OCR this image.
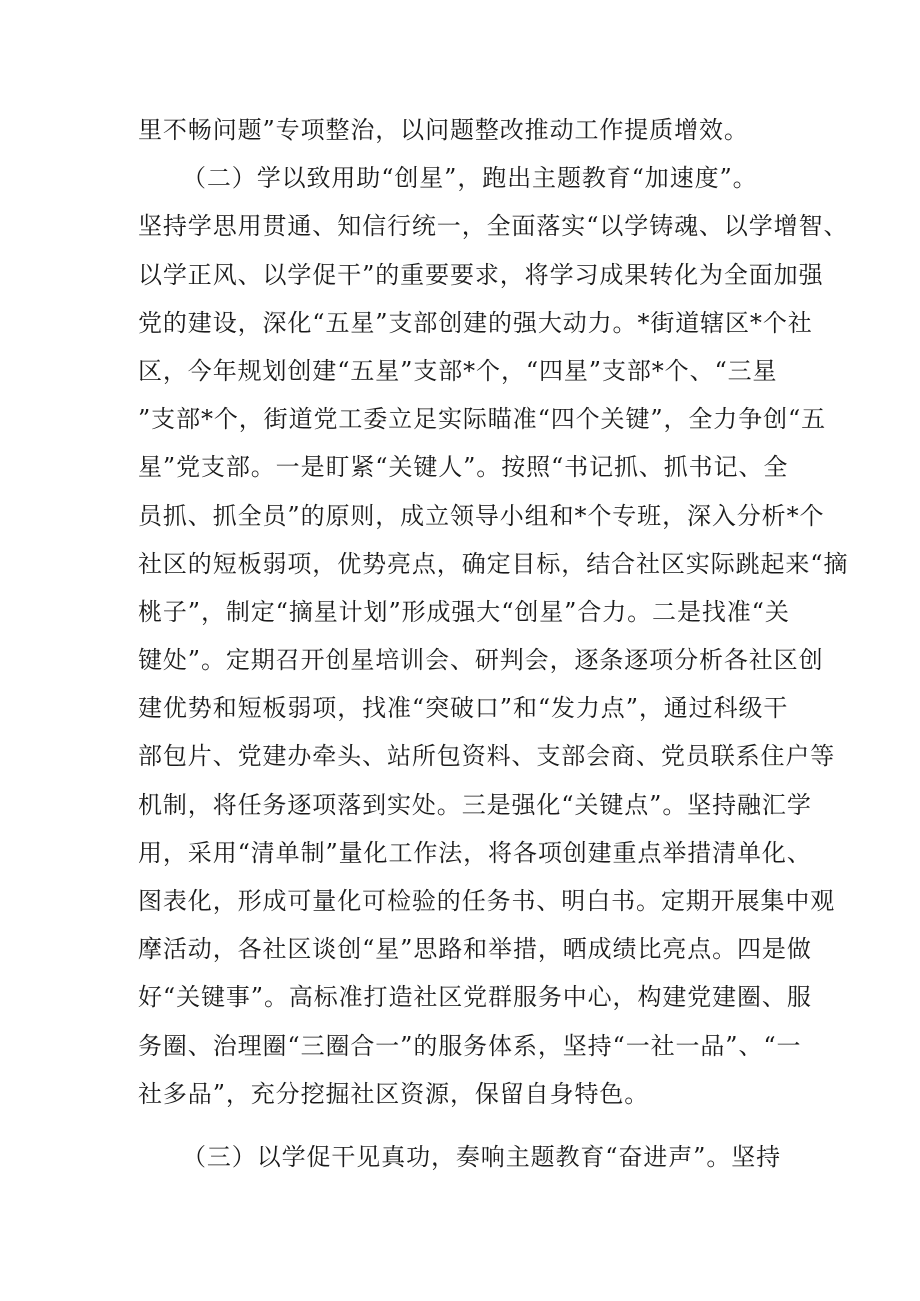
里不畅问题”专项整治，以问题整改推动工作提质增效。
（二）学以致用助“创星”，跑出主题教育“加速度”。
坚持学思用贯通、知信行统一，全面落实“以学铸魂、以学增智、
以学正风、以学促干”的重要要求，将学习成果转化为全面加强
党的建设，深化“五星”支部创建的强大动力。*街道辖区*个社
区，今年规划创建“五星”支部*个，“四星”支部*个、“三星
”支部*个，街道党工委立足实际瞄准“四个关键”，全力争创“五
星”党支部。一是盯紧“关键人”。按照“书记抓、抓书记、全
员抓、抓全员”的原则，成立领导小组和*个专班，深入分析*个
社区的短板弱项，优势亮点，确定目标，结合社区实际跳起来“摘
桃子”，制定“摘星计划”形成强大“创星”合力。二是找准“关
键处”。定期召开创星培训会、研判会，逐条逐项分析各社区创
建优势和短板弱项，找准“突破口”和“发力点”，通过科级干
部包片、党建办牵头、站所包资料、支部会商、党员联系住户等
机制，将任务逐项落到实处。三是强化“关键点”。坚持融汇学
用，采用“清单制”量化工作法，将各项创建重点举措清单化、
图表化，形成可量化可检验的任务书、明白书。定期开展集中观
摩活动，各社区谈创“星”思路和举措，晒成绩比亮点。四是做
好“关键事”。高标准打造社区党群服务中心，构建党建圈、服
务圈、治理圈“三圈合一”的服务体系，坚持“一社一品”、“一
社多品”，充分挖掘社区资源，保留自身特色。
（三）以学促干见真功，奏响主题教育“奋进声”。坚持
